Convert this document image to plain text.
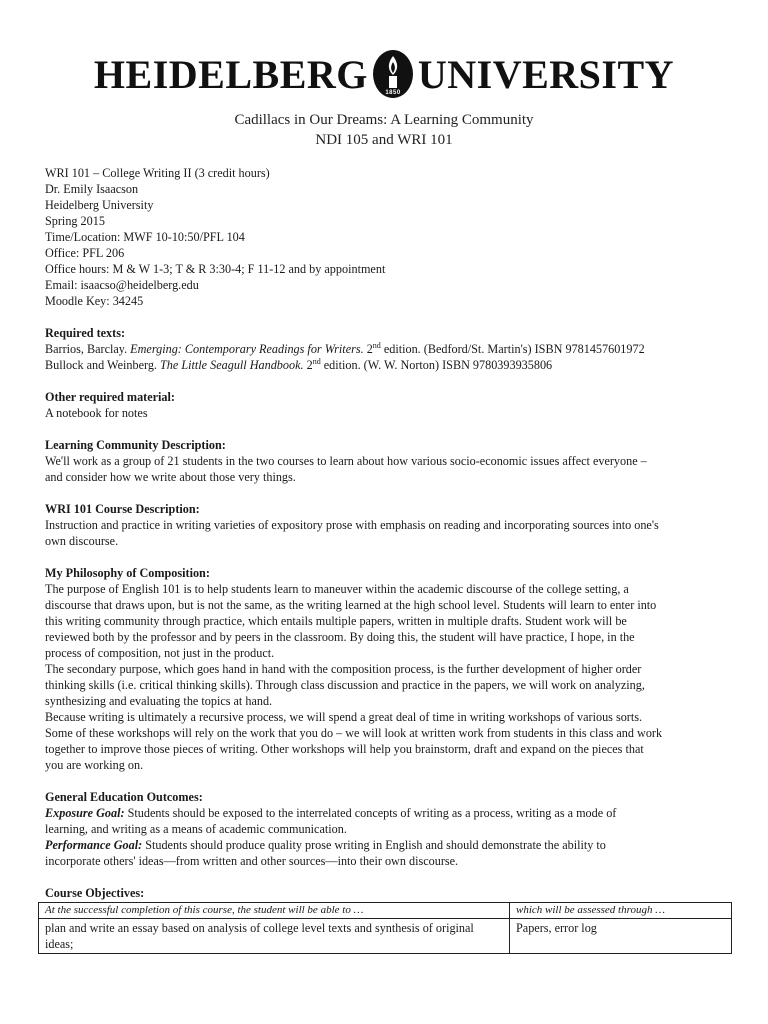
HEIDELBERG	1850 UNIVERSITY
Cadillacs in Our Dreams: A Learning Community
NDI 105 and WRI 101
WRI 101 – College Writing II (3 credit hours)
Dr. Emily Isaacson
Heidelberg University
Spring 2015
Time/Location: MWF 10-10:50/PFL 104
Office: PFL 206
Office hours: M & W 1-3; T & R 3:30-4; F 11-12 and by appointment
Email: isaacso@heidelberg.edu
Moodle Key: 34245
Required texts:
Barrios, Barclay. Emerging: Contemporary Readings for Writers. 2nd edition. (Bedford/St. Martin's) ISBN 9781457601972
Bullock and Weinberg. The Little Seagull Handbook. 2nd edition. (W. W. Norton) ISBN 9780393935806
Other required material:
A notebook for notes
Learning Community Description:
We'll work as a group of 21 students in the two courses to learn about how various socio-economic issues affect everyone –
and consider how we write about those very things.
WRI 101 Course Description:
Instruction and practice in writing varieties of expository prose with emphasis on reading and incorporating sources into one's
own discourse.
My Philosophy of Composition:
The purpose of English 101 is to help students learn to maneuver within the academic discourse of the college setting, a
discourse that draws upon, but is not the same, as the writing learned at the high school level. Students will learn to enter into
this writing community through practice, which entails multiple papers, written in multiple drafts. Student work will be
reviewed both by the professor and by peers in the classroom. By doing this, the student will have practice, I hope, in the
process of composition, not just in the product.
The secondary purpose, which goes hand in hand with the composition process, is the further development of higher order
thinking skills (i.e. critical thinking skills). Through class discussion and practice in the papers, we will work on analyzing,
synthesizing and evaluating the topics at hand.
Because writing is ultimately a recursive process, we will spend a great deal of time in writing workshops of various sorts.
Some of these workshops will rely on the work that you do – we will look at written work from students in this class and work
together to improve those pieces of writing. Other workshops will help you brainstorm, draft and expand on the pieces that
you are working on.
General Education Outcomes:
Exposure Goal: Students should be exposed to the interrelated concepts of writing as a process, writing as a mode of
learning, and writing as a means of academic communication.
Performance Goal: Students should produce quality prose writing in English and should demonstrate the ability to
incorporate others' ideas—from written and other sources—into their own discourse.
Course Objectives:
At the successful completion of this course, the student will be able to …	which will be assessed through …
plan and write an essay based on analysis of college level texts and synthesis of original ideas;	Papers, error log
